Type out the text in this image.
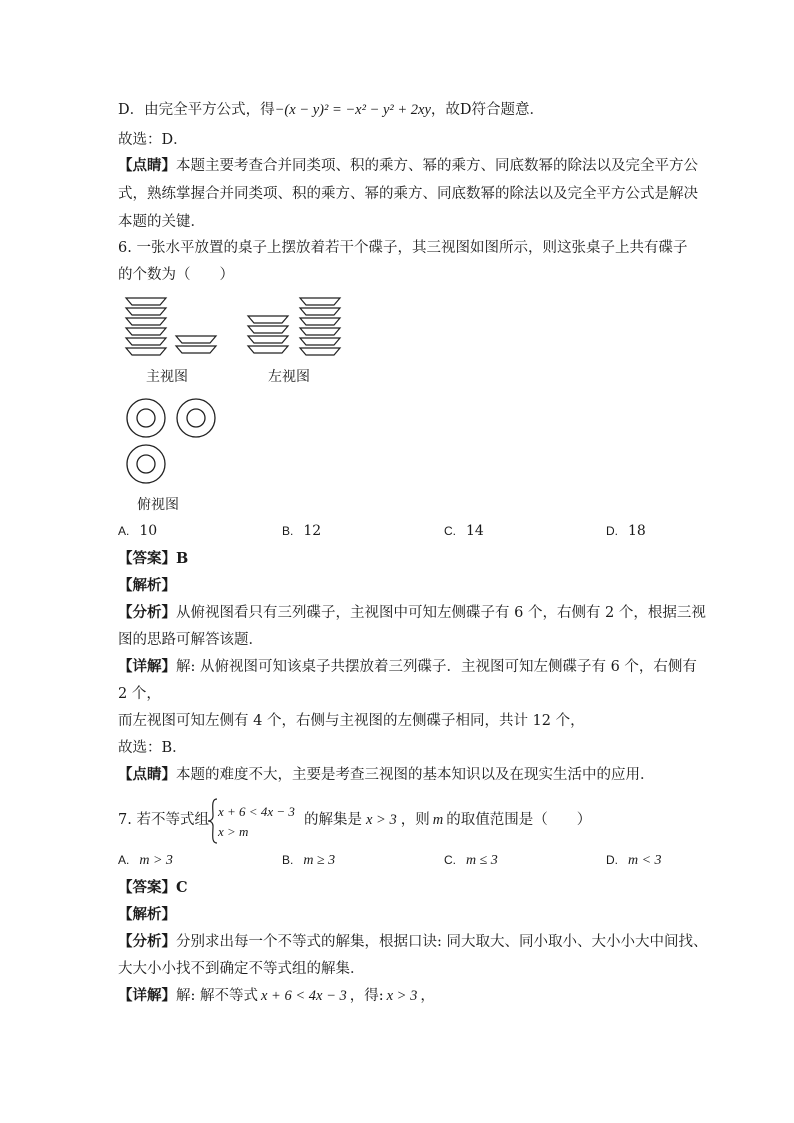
D．由完全平方公式，得−(x − y)² = −x² − y² + 2xy，故D符合题意．
故选：D．
【点睛】本题主要考查合并同类项、积的乘方、幂的乘方、同底数幂的除法以及完全平方公
式，熟练掌握合并同类项、积的乘方、幂的乘方、同底数幂的除法以及完全平方公式是解决
本题的关键．
6. 一张水平放置的桌子上摆放着若干个碟子，其三视图如图所示，则这张桌子上共有碟子
的个数为（　　）
主视图	左视图
俯视图
A. 10	B. 12	C. 14	D. 18
【答案】B
【解析】
【分析】从俯视图看只有三列碟子，主视图中可知左侧碟子有 6 个，右侧有 2 个，根据三视
图的思路可解答该题．
【详解】解: 从俯视图可知该桌子共摆放着三列碟子．主视图可知左侧碟子有 6 个，右侧有
2 个，
而左视图可知左侧有 4 个，右侧与主视图的左侧碟子相同，共计 12 个，
故选：B．
【点睛】本题的难度不大，主要是考查三视图的基本知识以及在现实生活中的应用．
7. 若不等式组
x + 6 < 4x − 3
x > m
的解集是 x > 3 ，则 m 的取值范围是（　　）
A. m > 3	B. m ≥ 3	C. m ≤ 3	D. m < 3
【答案】C
【解析】
【分析】分别求出每一个不等式的解集，根据口诀: 同大取大、同小取小、大小小大中间找、
大大小小找不到确定不等式组的解集．
【详解】解: 解不等式 x + 6 < 4x − 3 ，得: x > 3 ，
